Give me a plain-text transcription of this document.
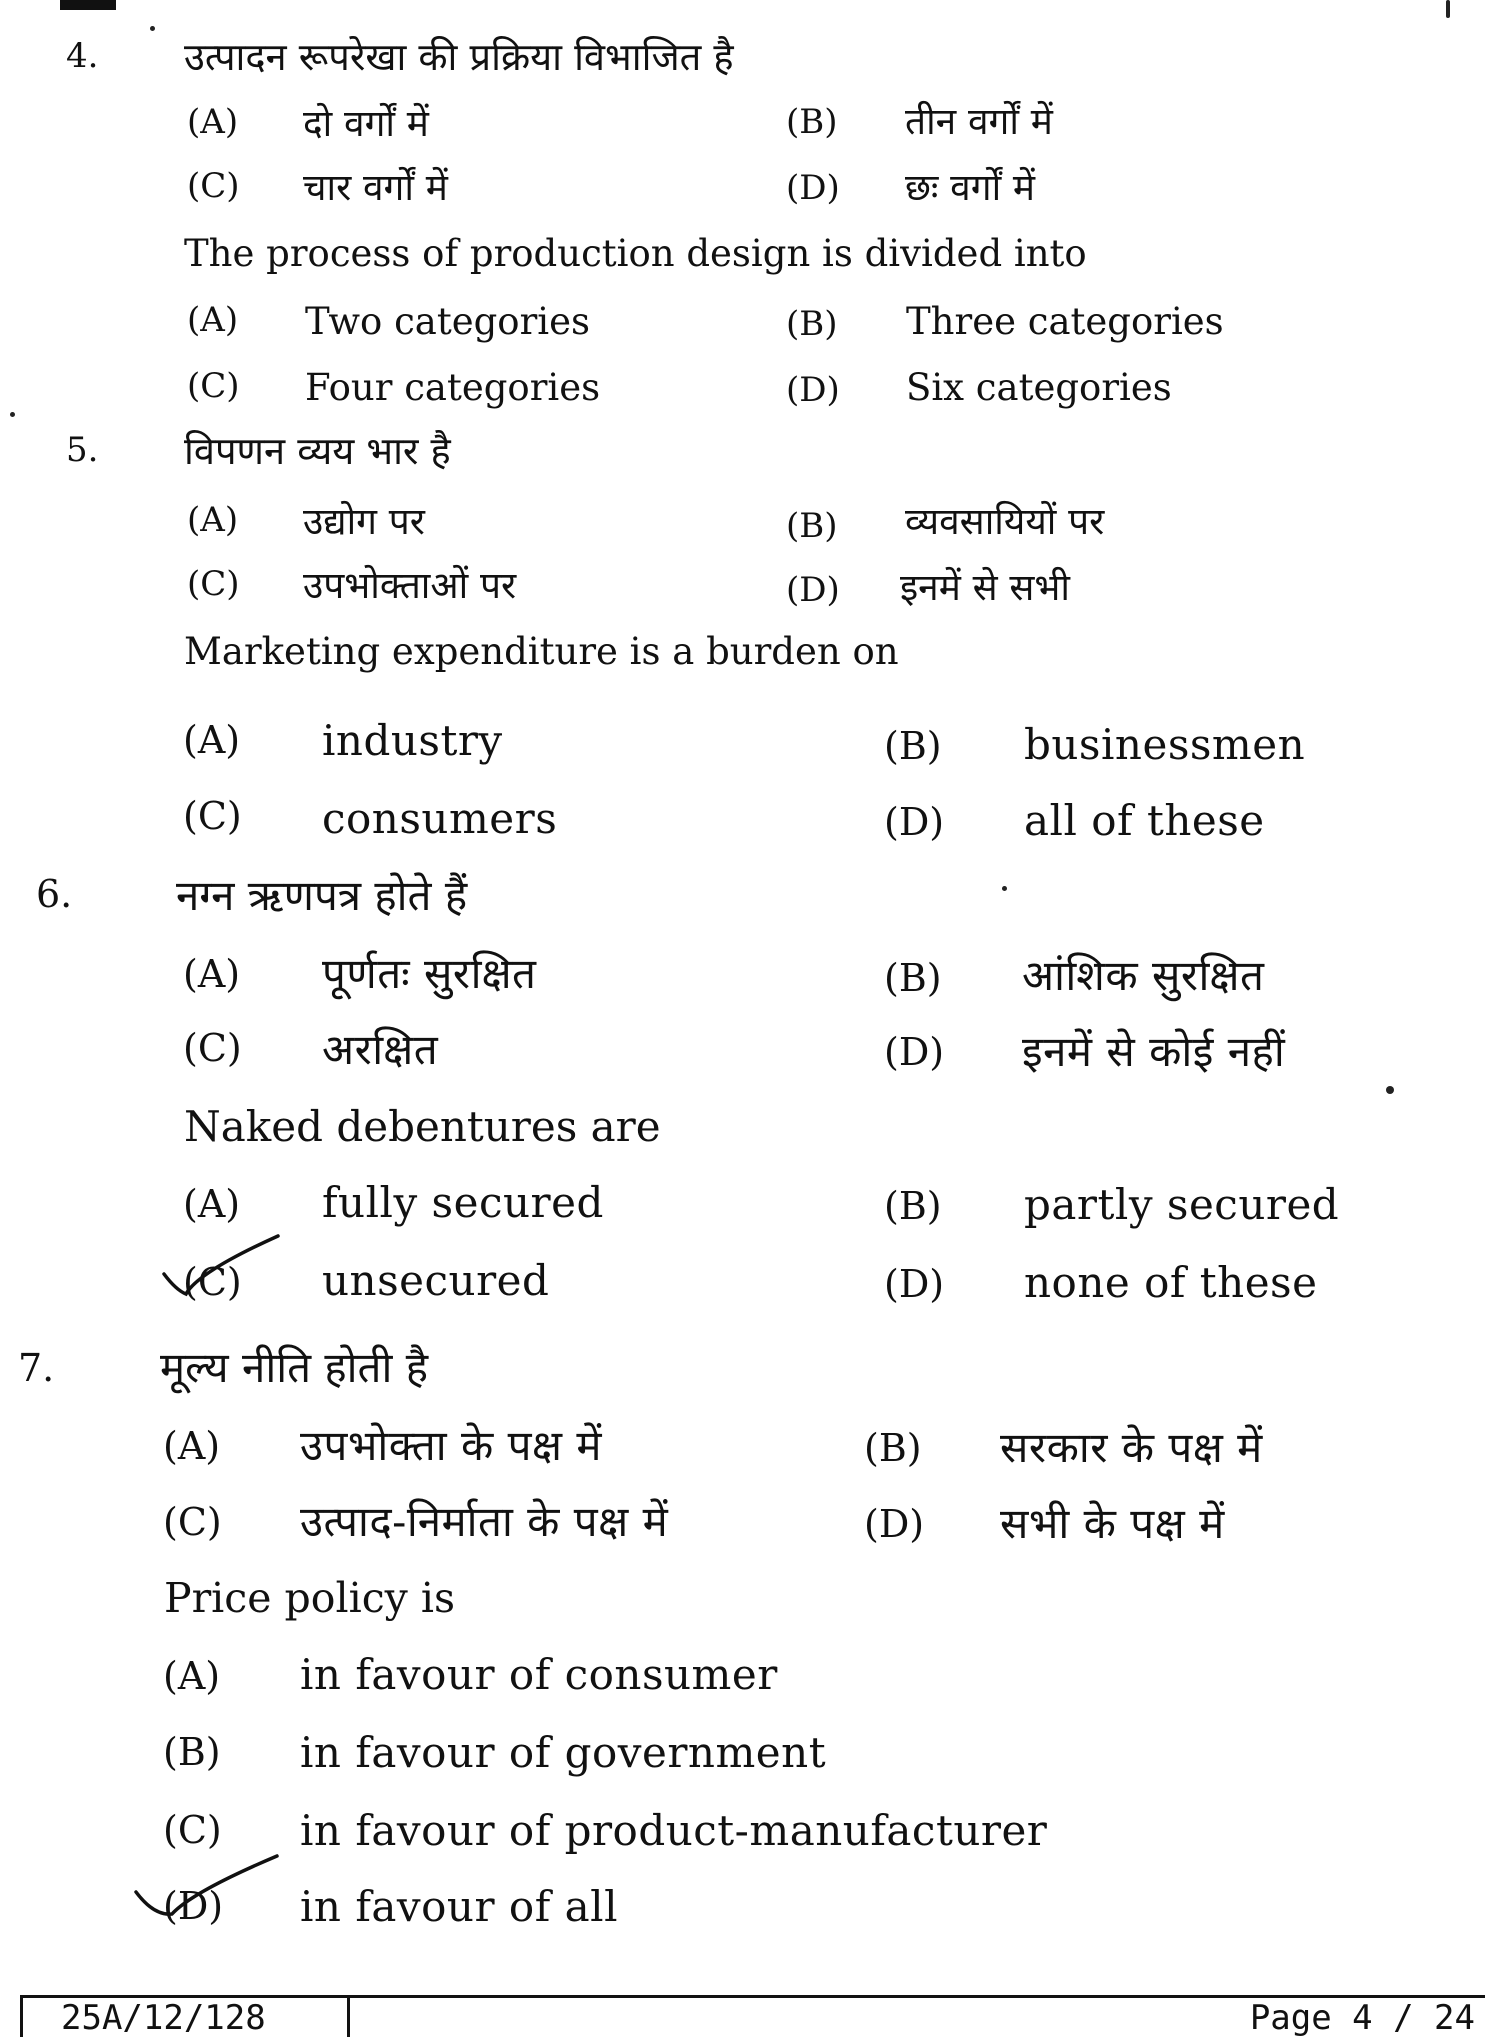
4. उत्पादन रूपरेखा की प्रक्रिया विभाजित है
(A) दो वर्गों में	(B) तीन वर्गों में
(C) चार वर्गों में	(D) छः वर्गों में
The process of production design is divided into
(A) Two categories	(B) Three categories
(C) Four categories	(D) Six categories
5. विपणन व्यय भार है
(A) उद्योग पर	(B) व्यवसायियों पर
(C) उपभोक्ताओं पर	(D) इनमें से सभी
Marketing expenditure is a burden on
(A) industry	(B) businessmen
(C) consumers	(D) all of these
6. नग्न ऋणपत्र होते हैं
(A) पूर्णतः सुरक्षित	(B) आंशिक सुरक्षित
(C) अरक्षित	(D) इनमें से कोई नहीं
Naked debentures are
(A) fully secured	(B) partly secured
(C) unsecured	(D) none of these
7.	मूल्य नीति होती है
(A) उपभोक्ता के पक्ष में	(B) सरकार के पक्ष में
(C) उत्पाद-निर्माता के पक्ष में	(D) सभी के पक्ष में
Price policy is
(A) in favour of consumer
(B) in favour of government
(C) in favour of product-manufacturer
(D) in favour of all
25A/12/128	Page 4 / 24
